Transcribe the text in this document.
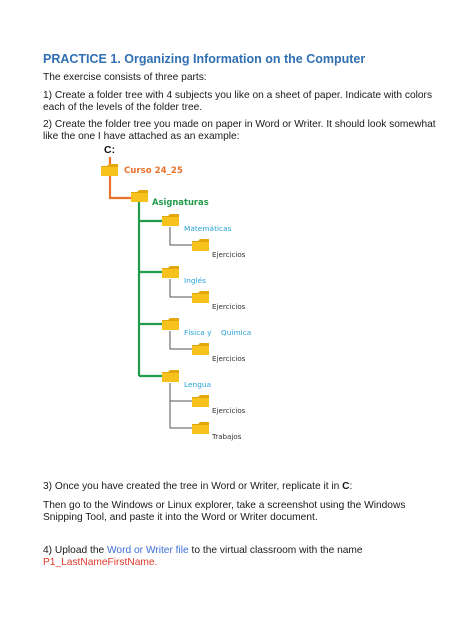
PRACTICE 1. Organizing Information on the Computer
The exercise consists of three parts:
1) Create a folder tree with 4 subjects you like on a sheet of paper. Indicate with colors each of the levels of the folder tree.
2) Create the folder tree you made on paper in Word or Writer. It should look somewhat like the one I have attached as an example:
C:
Curso 24_25
Asignaturas
Matemáticas
Ejercicios
Inglés
Ejercicios
Física y    Química
Ejercicios
Lengua
Ejercicios
Trabajos
3) Once you have created the tree in Word or Writer, replicate it in C:
Then go to the Windows or Linux explorer, take a screenshot using the Windows Snipping Tool, and paste it into the Word or Writer document.
4) Upload the Word or Writer file to the virtual classroom with the name
P1_LastNameFirstName.
